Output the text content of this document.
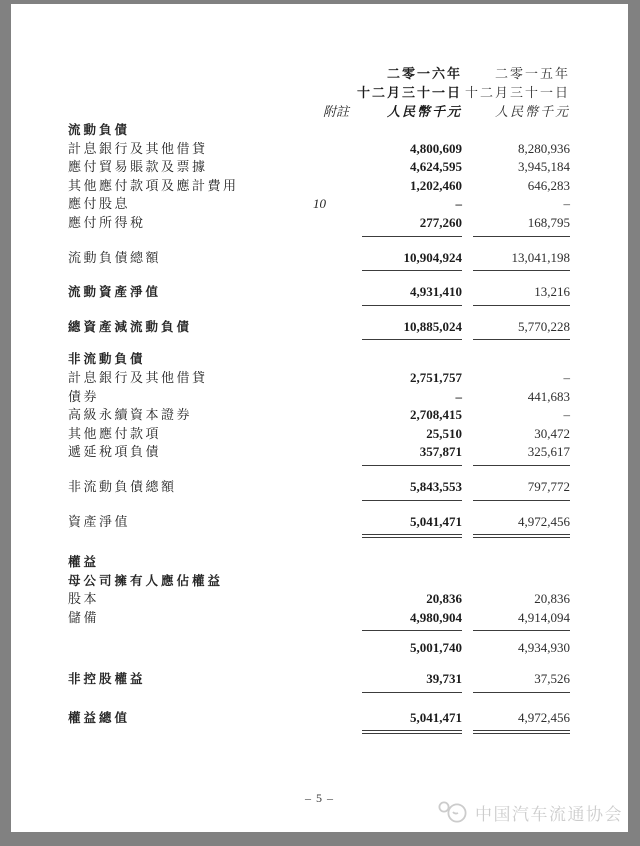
二零一六年	二零一五年
十二月三十一日 十二月三十一日
附註	人民幣千元	人民幣千元
流動負債
計息銀行及其他借貸	4,800,609	8,280,936
應付貿易賬款及票據	4,624,595	3,945,184
其他應付款項及應計費用	1,202,460	646,283
應付股息	10	–	–
應付所得稅	277,260	168,795
流動負債總額	10,904,924	13,041,198
流動資產淨值	4,931,410	13,216
總資產減流動負債	10,885,024	5,770,228
非流動負債
計息銀行及其他借貸	2,751,757	–
債券	–	441,683
高級永續資本證券	2,708,415	–
其他應付款項	25,510	30,472
遞延稅項負債	357,871	325,617
非流動負債總額	5,843,553	797,772
資產淨值	5,041,471	4,972,456
權益
母公司擁有人應佔權益
股本	20,836	20,836
儲備	4,980,904	4,914,094
5,001,740	4,934,930
非控股權益	39,731	37,526
權益總值	5,041,471	4,972,456
– 5 –
中国汽车流通协会
